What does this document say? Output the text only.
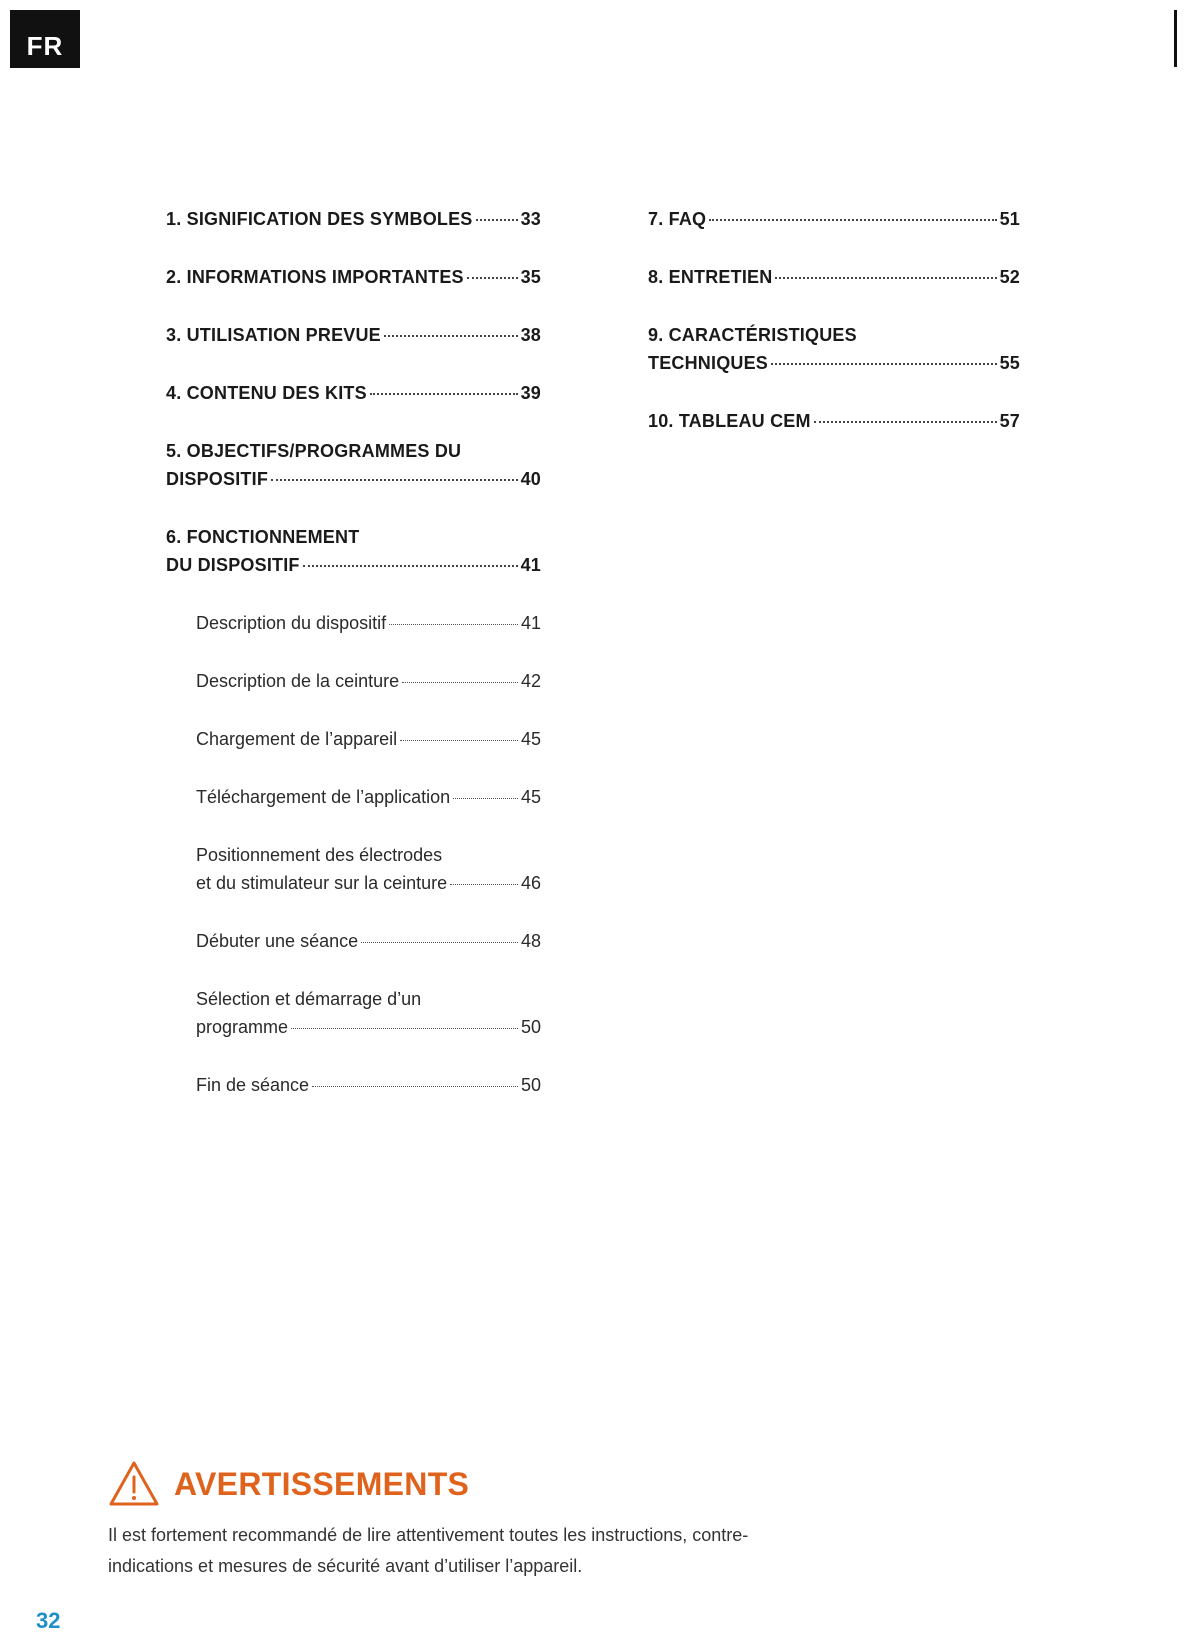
FR
1. SIGNIFICATION DES SYMBOLES	33
2. INFORMATIONS IMPORTANTES	35
3. UTILISATION PREVUE	38
4. CONTENU DES KITS	39
5. OBJECTIFS/PROGRAMMES DU
DISPOSITIF	40
6. FONCTIONNEMENT
DU DISPOSITIF	41
Description du dispositif	41
Description de la ceinture	42
Chargement de l’appareil	45
Téléchargement de l’application	45
Positionnement des électrodes
et du stimulateur sur la ceinture	46
Débuter une séance	48
Sélection et démarrage d’un
programme	50
Fin de séance	50
7. FAQ	51
8. ENTRETIEN	52
9. CARACTÉRISTIQUES
TECHNIQUES	55
10. TABLEAU CEM	57
AVERTISSEMENTS
Il est fortement recommandé de lire attentivement toutes les instructions, contre-indications et mesures de sécurité avant d’utiliser l’appareil.
32
